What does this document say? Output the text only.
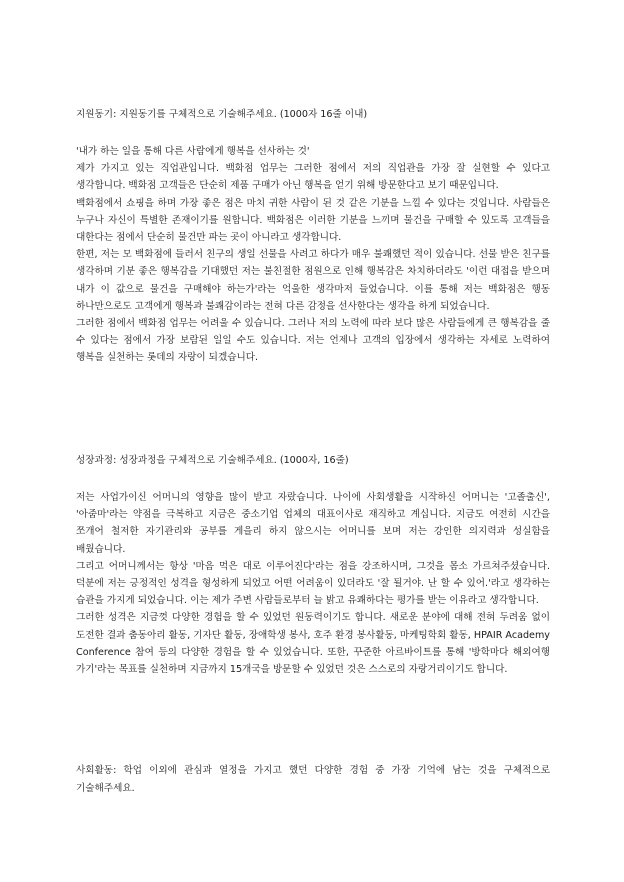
지원동기: 지원동기를 구체적으로 기술해주세요. (1000자 16줄 이내)

'내가 하는 일을 통해 다른 사람에게 행복을 선사하는 것'

제가 가지고 있는 직업관입니다. 백화점 업무는 그러한 점에서 저의 직업관을 가장 잘 실현할 수 있다고 생각합니다. 백화점 고객들은 단순히 제품 구매가 아닌 행복을 얻기 위해 방문한다고 보기 때문입니다.

백화점에서 쇼핑을 하며 가장 좋은 점은 마치 귀한 사람이 된 것 같은 기분을 느낄 수 있다는 것입니다. 사람들은 누구나 자신이 특별한 존재이기를 원합니다. 백화점은 이러한 기분을 느끼며 물건을 구매할 수 있도록 고객들을 대한다는 점에서 단순히 물건만 파는 곳이 아니라고 생각합니다.

한편, 저는 모 백화점에 들러서 친구의 생일 선물을 사려고 하다가 매우 불쾌했던 적이 있습니다. 선물 받은 친구를 생각하며 기분 좋은 행복감을 기대했던 저는 불친절한 점원으로 인해 행복감은 차치하더라도 '이런 대접을 받으며 내가 이 값으로 물건을 구매해야 하는가'라는 억울한 생각마저 들었습니다. 이를 통해 저는 백화점은 행동 하나만으로도 고객에게 행복과 불쾌감이라는 전혀 다른 감정을 선사한다는 생각을 하게 되었습니다.

그러한 점에서 백화점 업무는 어려울 수 있습니다. 그러나 저의 노력에 따라 보다 많은 사람들에게 큰 행복감을 줄 수 있다는 점에서 가장 보람된 일일 수도 있습니다. 저는 언제나 고객의 입장에서 생각하는 자세로 노력하여 행복을 실천하는 롯데의 자랑이 되겠습니다.

성장과정: 성장과정을 구체적으로 기술해주세요. (1000자, 16줄)

저는 사업가이신 어머니의 영향을 많이 받고 자랐습니다. 나이에 사회생활을 시작하신 어머니는 '고졸출신', '아줌마'라는 약점을 극복하고 지금은 중소기업 업체의 대표이사로 재직하고 계십니다. 지금도 여전히 시간을 쪼개어 철저한 자기관리와 공부를 게을리 하지 않으시는 어머니를 보며 저는 강인한 의지력과 성실함을 배웠습니다.

그리고 어머니께서는 항상 '마음 먹은 대로 이루어진다'라는 점을 강조하시며, 그것을 몸소 가르쳐주셨습니다. 덕분에 저는 긍정적인 성격을 형성하게 되었고 어떤 어려움이 있더라도 '잘 될거야. 난 할 수 있어.'라고 생각하는 습관을 가지게 되었습니다. 이는 제가 주변 사람들로부터 늘 밝고 유쾌하다는 평가를 받는 이유라고 생각합니다.

그러한 성격은 지금껏 다양한 경험을 할 수 있었던 원동력이기도 합니다. 새로운 분야에 대해 전혀 두려움 없이 도전한 결과 춤동아리 활동, 기자단 활동, 장애학생 봉사, 호주 환경 봉사활동, 마케팅학회 활동, HPAIR Academy Conference 참여 등의 다양한 경험을 할 수 있었습니다. 또한, 꾸준한 아르바이트를 통해 '방학마다 해외여행 가기'라는 목표를 실천하며 지금까지 15개국을 방문할 수 있었던 것은 스스로의 자랑거리이기도 합니다.

사회활동: 학업 이외에 관심과 열정을 가지고 했던 다양한 경험 중 가장 기억에 남는 것을 구체적으로 기술해주세요.
